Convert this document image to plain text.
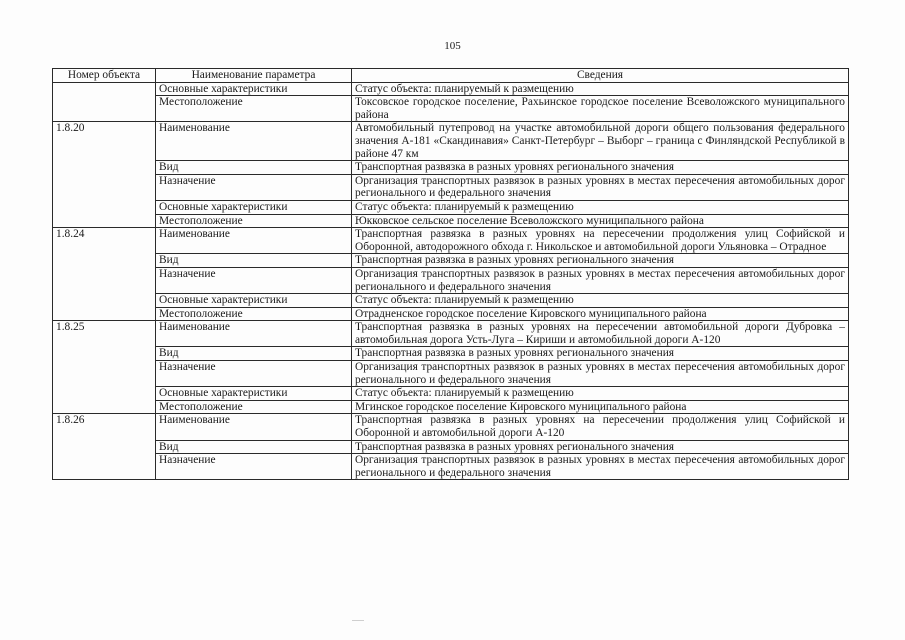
105
Номер объекта	Наименование параметра	Сведения
	Основные характеристики	Статус объекта: планируемый к размещению
	Местоположение	Токсовское городское поселение, Рахьинское городское поселение Всеволожского муниципального района
1.8.20	Наименование	Автомобильный путепровод на участке автомобильной дороги общего пользования федерального значения А-181 «Скандинавия» Санкт-Петербург – Выборг – граница с Финляндской Республикой в районе 47 км
	Вид	Транспортная развязка в разных уровнях регионального значения
	Назначение	Организация транспортных развязок в разных уровнях в местах пересечения автомобильных дорог регионального и федерального значения
	Основные характеристики	Статус объекта: планируемый к размещению
	Местоположение	Юкковское сельское поселение Всеволожского муниципального района
1.8.24	Наименование	Транспортная развязка в разных уровнях на пересечении продолжения улиц Софийской и Оборонной, автодорожного обхода г. Никольское и автомобильной дороги Ульяновка – Отрадное
	Вид	Транспортная развязка в разных уровнях регионального значения
	Назначение	Организация транспортных развязок в разных уровнях в местах пересечения автомобильных дорог регионального и федерального значения
	Основные характеристики	Статус объекта: планируемый к размещению
	Местоположение	Отрадненское городское поселение Кировского муниципального района
1.8.25	Наименование	Транспортная развязка в разных уровнях на пересечении автомобильной дороги Дубровка – автомобильная дорога Усть-Луга – Кириши и автомобильной дороги А-120
	Вид	Транспортная развязка в разных уровнях регионального значения
	Назначение	Организация транспортных развязок в разных уровнях в местах пересечения автомобильных дорог регионального и федерального значения
	Основные характеристики	Статус объекта: планируемый к размещению
	Местоположение	Мгинское городское поселение Кировского муниципального района
1.8.26	Наименование	Транспортная развязка в разных уровнях на пересечении продолжения улиц Софийской и Оборонной и автомобильной дороги А-120
	Вид	Транспортная развязка в разных уровнях регионального значения
	Назначение	Организация транспортных развязок в разных уровнях в местах пересечения автомобильных дорог регионального и федерального значения
